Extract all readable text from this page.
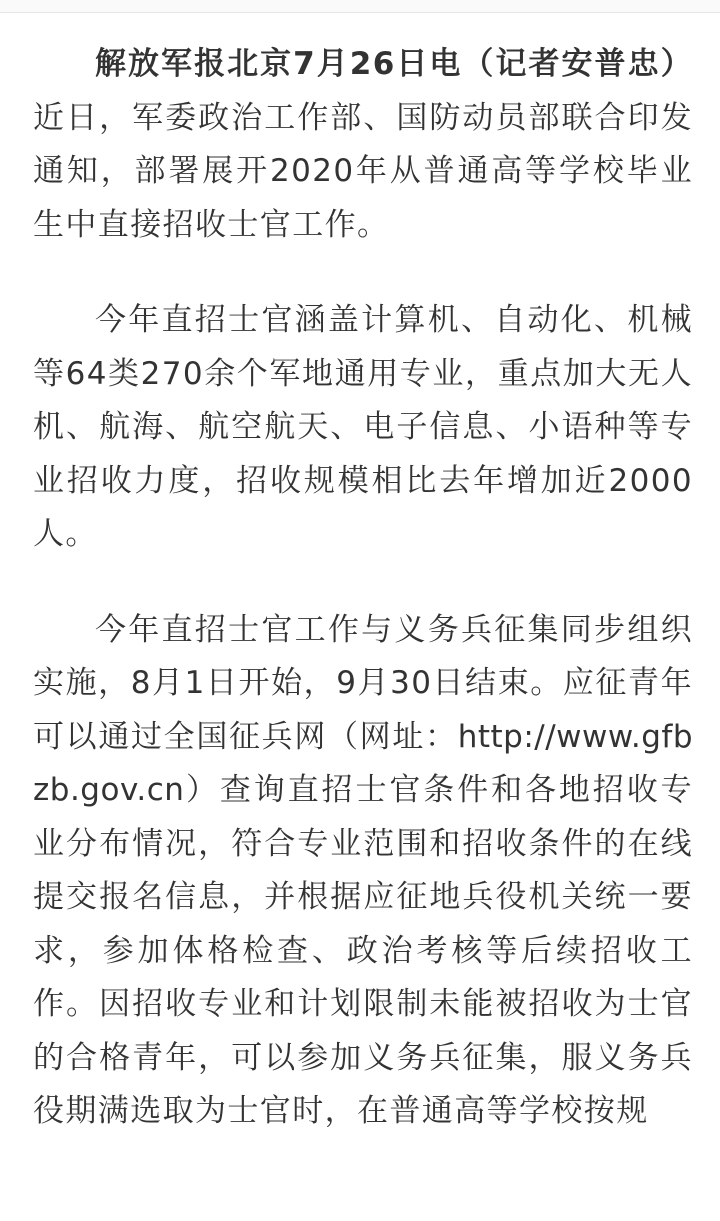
解放军报北京7月26日电（记者安普忠）近日，军委政治工作部、国防动员部联合印发通知，部署展开2020年从普通高等学校毕业生中直接招收士官工作。

今年直招士官涵盖计算机、自动化、机械等64类270余个军地通用专业，重点加大无人机、航海、航空航天、电子信息、小语种等专业招收力度，招收规模相比去年增加近2000人。

今年直招士官工作与义务兵征集同步组织实施，8月1日开始，9月30日结束。应征青年可以通过全国征兵网（网址：http://www.gfbzb.gov.cn）查询直招士官条件和各地招收专业分布情况，符合专业范围和招收条件的在线提交报名信息，并根据应征地兵役机关统一要求，参加体格检查、政治考核等后续招收工作。因招收专业和计划限制未能被招收为士官的合格青年，可以参加义务兵征集，服义务兵役期满选取为士官时，在普通高等学校按规
